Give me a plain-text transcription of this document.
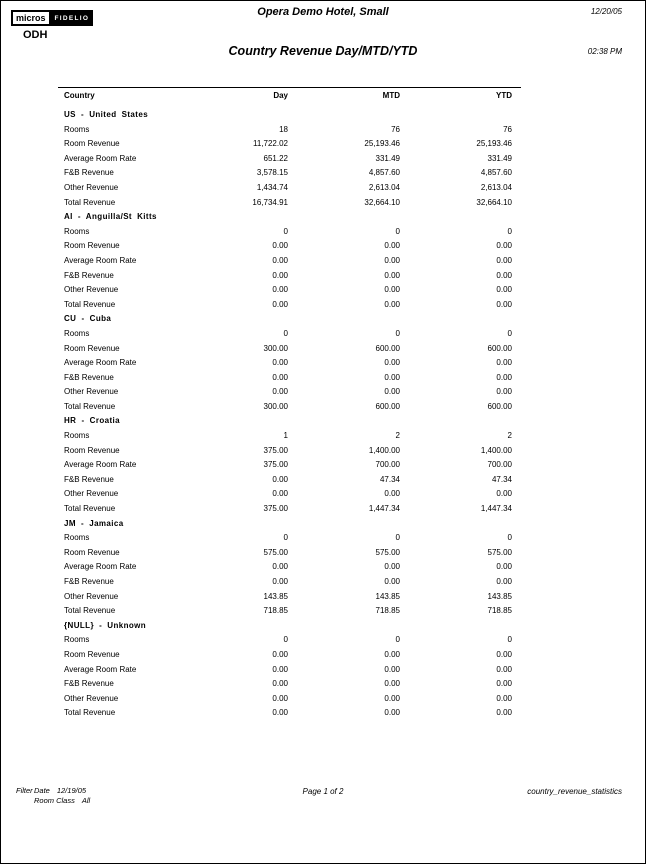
micros	FIDELIO	Opera Demo Hotel, Small	12/20/05
ODH
Country Revenue Day/MTD/YTD	02:38 PM
Country	Day	MTD	YTD
US - United States			
Rooms	18	76	76
Room Revenue	11,722.02	25,193.46	25,193.46
Average Room Rate	651.22	331.49	331.49
F&B Revenue	3,578.15	4,857.60	4,857.60
Other Revenue	1,434.74	2,613.04	2,613.04
Total Revenue	16,734.91	32,664.10	32,664.10
AI - Anguilla/St Kitts			
Rooms	0	0	0
Room Revenue	0.00	0.00	0.00
Average Room Rate	0.00	0.00	0.00
F&B Revenue	0.00	0.00	0.00
Other Revenue	0.00	0.00	0.00
Total Revenue	0.00	0.00	0.00
CU - Cuba			
Rooms	0	0	0
Room Revenue	300.00	600.00	600.00
Average Room Rate	0.00	0.00	0.00
F&B Revenue	0.00	0.00	0.00
Other Revenue	0.00	0.00	0.00
Total Revenue	300.00	600.00	600.00
HR - Croatia			
Rooms	1	2	2
Room Revenue	375.00	1,400.00	1,400.00
Average Room Rate	375.00	700.00	700.00
F&B Revenue	0.00	47.34	47.34
Other Revenue	0.00	0.00	0.00
Total Revenue	375.00	1,447.34	1,447.34
JM - Jamaica			
Rooms	0	0	0
Room Revenue	575.00	575.00	575.00
Average Room Rate	0.00	0.00	0.00
F&B Revenue	0.00	0.00	0.00
Other Revenue	143.85	143.85	143.85
Total Revenue	718.85	718.85	718.85
{NULL} - Unknown			
Rooms	0	0	0
Room Revenue	0.00	0.00	0.00
Average Room Rate	0.00	0.00	0.00
F&B Revenue	0.00	0.00	0.00
Other Revenue	0.00	0.00	0.00
Total Revenue	0.00	0.00	0.00
Filter Date 12/19/05
Room Class All
Page 1 of 2	country_revenue_statistics
